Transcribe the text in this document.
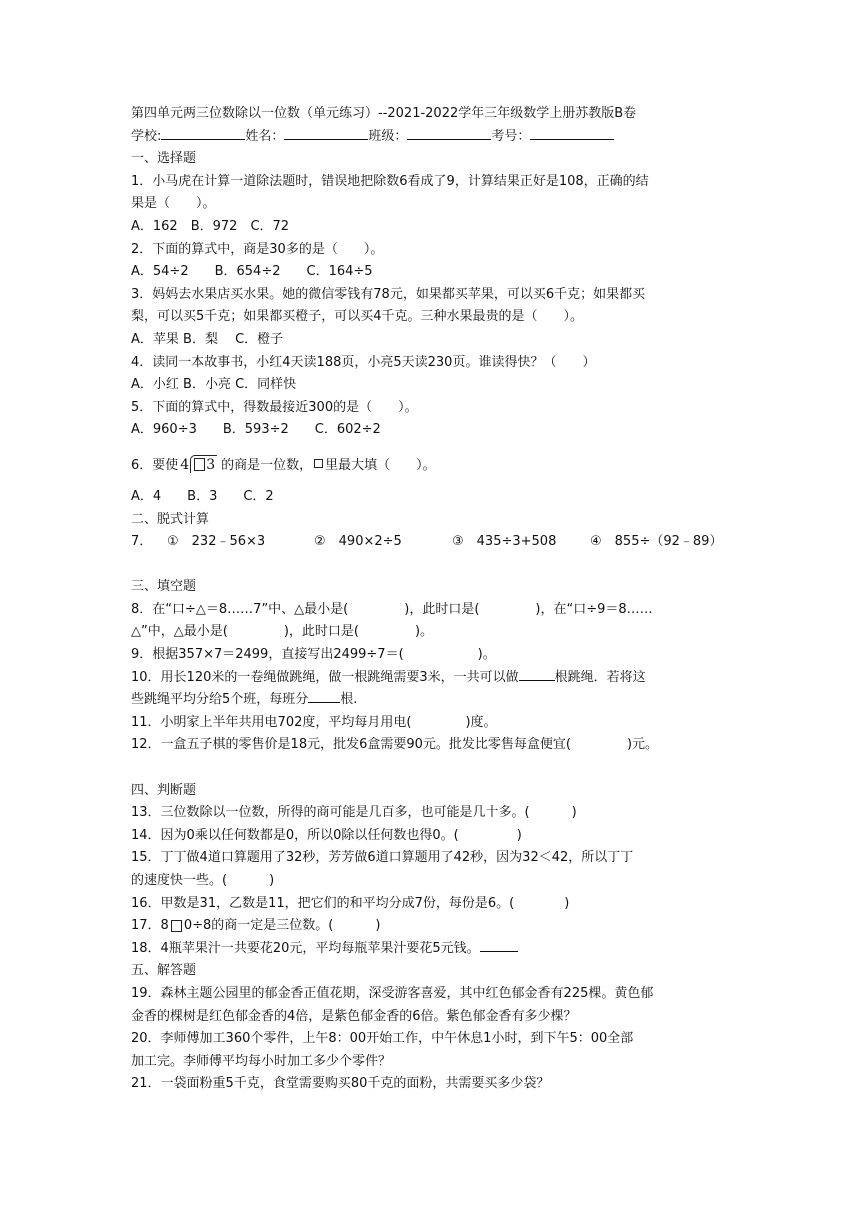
第四单元两三位数除以一位数（单元练习）--2021-2022学年三年级数学上册苏教版B卷
学校:	姓名：	班级：	考号：
一、选择题
1．小马虎在计算一道除法题时，错误地把除数6看成了9，计算结果正好是108，正确的结
果是（　　）。
A．162　B．972　C．72
2．下面的算式中，商是30多的是（　　）。
A．54÷2　　B．654÷2　　C．164÷5
3．妈妈去水果店买水果。她的微信零钱有78元，如果都买苹果，可以买6千克；如果都买
梨，可以买5千克；如果都买橙子，可以买4千克。三种水果最贵的是（　　）。
A．苹果 B．梨　 C．橙子
4．读同一本故事书，小红4天读188页，小亮5天读230页。谁读得快？（　　）
A．小红 B．小亮 C．同样快
5．下面的算式中，得数最接近300的是（　　）。
A．960÷3　　B．593÷2　　C．602÷2
6．要使 4 3 的商是一位数， 里最大填（　　）。
A．4　　B．3　　C．2
二、脱式计算
7．	①　232﹣56×3	②　490×2÷5	③　435÷3+508	④　855÷（92﹣89）
三、填空题
8．在“口÷△＝8……7”中、△最小是(	)，此时口是(	)，在“口÷9＝8……
△”中，△最小是(	)，此时口是(	)。
9．根据357×7＝2499，直接写出2499÷7＝(	)。
10．用长120米的一卷绳做跳绳，做一根跳绳需要3米，一共可以做	根跳绳．若将这
些跳绳平均分给5个班，每班分 根.
11．小明家上半年共用电702度，平均每月用电(	)度。
12．一盒五子棋的零售价是18元，批发6盒需要90元。批发比零售每盒便宜(	)元。
四、判断题
13．三位数除以一位数，所得的商可能是几百多，也可能是几十多。(	)
14．因为0乘以任何数都是0，所以0除以任何数也得0。(	)
15．丁丁做4道口算题用了32秒，芳芳做6道口算题用了42秒，因为32＜42，所以丁丁
的速度快一些。(	)
16．甲数是31，乙数是11，把它们的和平均分成7份，每份是6。(	)
17．8 0÷8的商一定是三位数。(	)
18．4瓶苹果汁一共要花20元，平均每瓶苹果汁要花5元钱。
五、解答题
19．森林主题公园里的郁金香正值花期，深受游客喜爱，其中红色郁金香有225棵。黄色郁
金香的棵树是红色郁金香的4倍，是紫色郁金香的6倍。紫色郁金香有多少棵？
20．李师傅加工360个零件，上午8：00开始工作，中午休息1小时，到下午5：00全部
加工完。李师傅平均每小时加工多少个零件？
21．一袋面粉重5千克，食堂需要购买80千克的面粉，共需要买多少袋？
